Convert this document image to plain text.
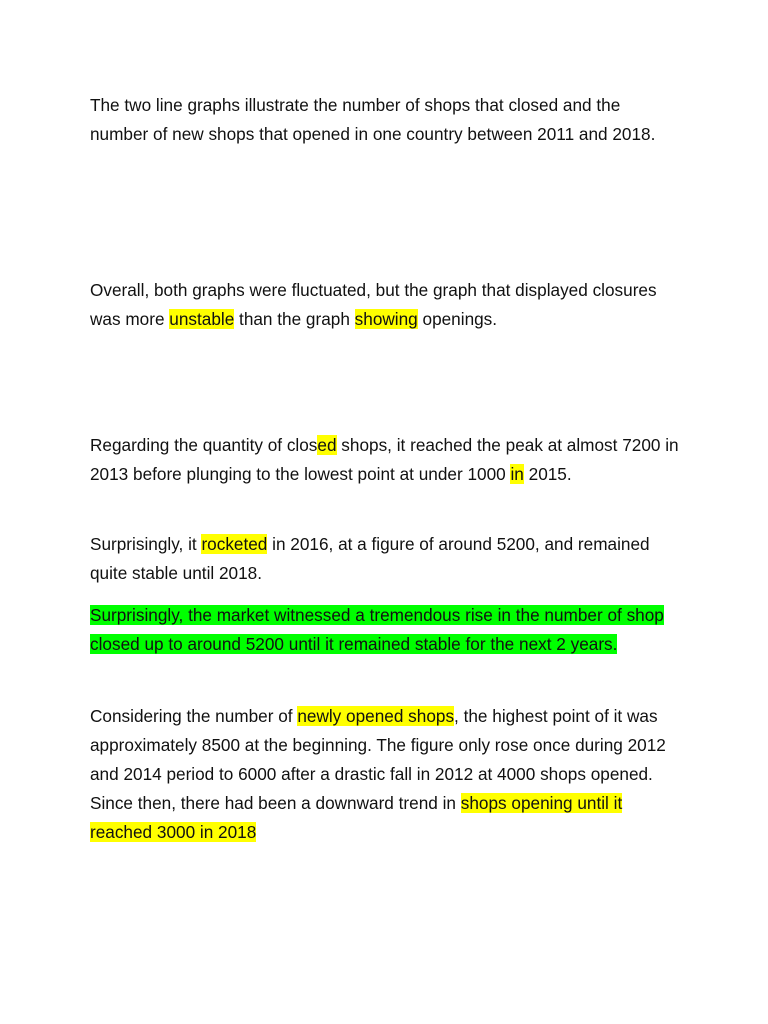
The two line graphs illustrate the number of shops that closed and the number of new shops that opened in one country between 2011 and 2018.

Overall, both graphs were fluctuated, but the graph that displayed closures was more unstable than the graph showing openings.

Regarding the quantity of closed shops, it reached the peak at almost 7200 in 2013 before plunging to the lowest point at under 1000 in 2015.

Surprisingly, it rocketed in 2016, at a figure of around 5200, and remained quite stable until 2018.

Surprisingly, the market witnessed a tremendous rise in the number of shop closed up to around 5200 until it remained stable for the next 2 years.

Considering the number of newly opened shops, the highest point of it was approximately 8500 at the beginning. The figure only rose once during 2012 and 2014 period to 6000 after a drastic fall in 2012 at 4000 shops opened. Since then, there had been a downward trend in shops opening until it reached 3000 in 2018
